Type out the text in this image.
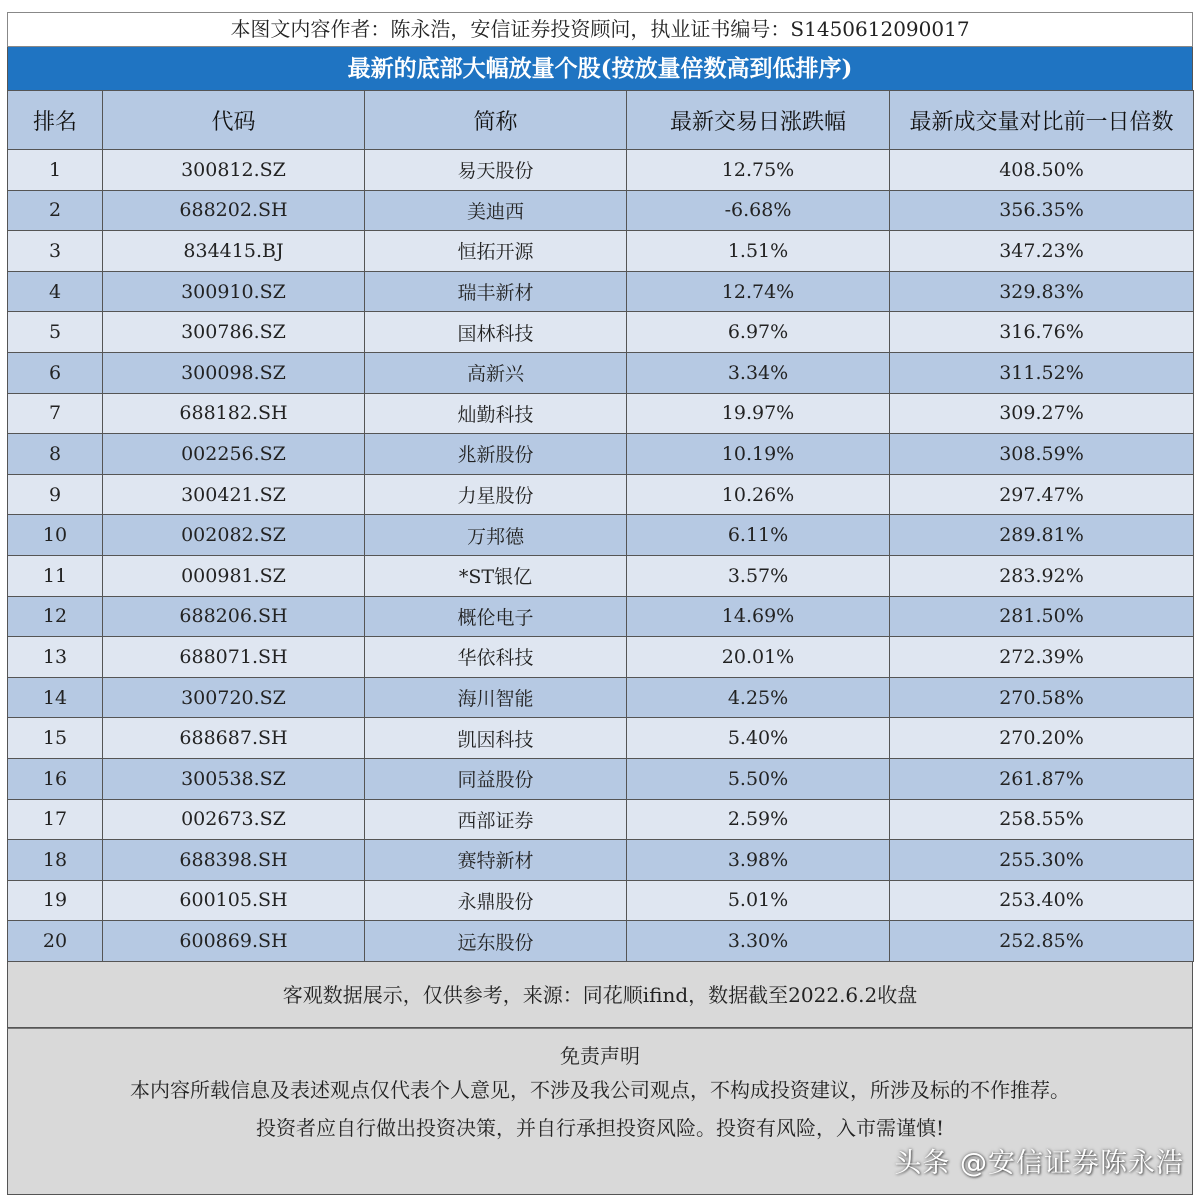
本图文内容作者：陈永浩，安信证券投资顾问，执业证书编号：S1450612090017
最新的底部大幅放量个股(按放量倍数高到低排序)
排名	代码	简称	最新交易日涨跌幅	最新成交量对比前一日倍数
1	300812.SZ	易天股份	12.75%	408.50%
2	688202.SH	美迪西	-6.68%	356.35%
3	834415.BJ	恒拓开源	1.51%	347.23%
4	300910.SZ	瑞丰新材	12.74%	329.83%
5	300786.SZ	国林科技	6.97%	316.76%
6	300098.SZ	高新兴	3.34%	311.52%
7	688182.SH	灿勤科技	19.97%	309.27%
8	002256.SZ	兆新股份	10.19%	308.59%
9	300421.SZ	力星股份	10.26%	297.47%
10	002082.SZ	万邦德	6.11%	289.81%
11	000981.SZ	*ST银亿	3.57%	283.92%
12	688206.SH	概伦电子	14.69%	281.50%
13	688071.SH	华依科技	20.01%	272.39%
14	300720.SZ	海川智能	4.25%	270.58%
15	688687.SH	凯因科技	5.40%	270.20%
16	300538.SZ	同益股份	5.50%	261.87%
17	002673.SZ	西部证券	2.59%	258.55%
18	688398.SH	赛特新材	3.98%	255.30%
19	600105.SH	永鼎股份	5.01%	253.40%
20	600869.SH	远东股份	3.30%	252.85%
客观数据展示，仅供参考，来源：同花顺ifind，数据截至2022.6.2收盘
免责声明
本内容所载信息及表述观点仅代表个人意见，不涉及我公司观点，不构成投资建议，所涉及标的不作推荐。
投资者应自行做出投资决策，并自行承担投资风险。投资有风险，入市需谨慎!
头条 @安信证券陈永浩
